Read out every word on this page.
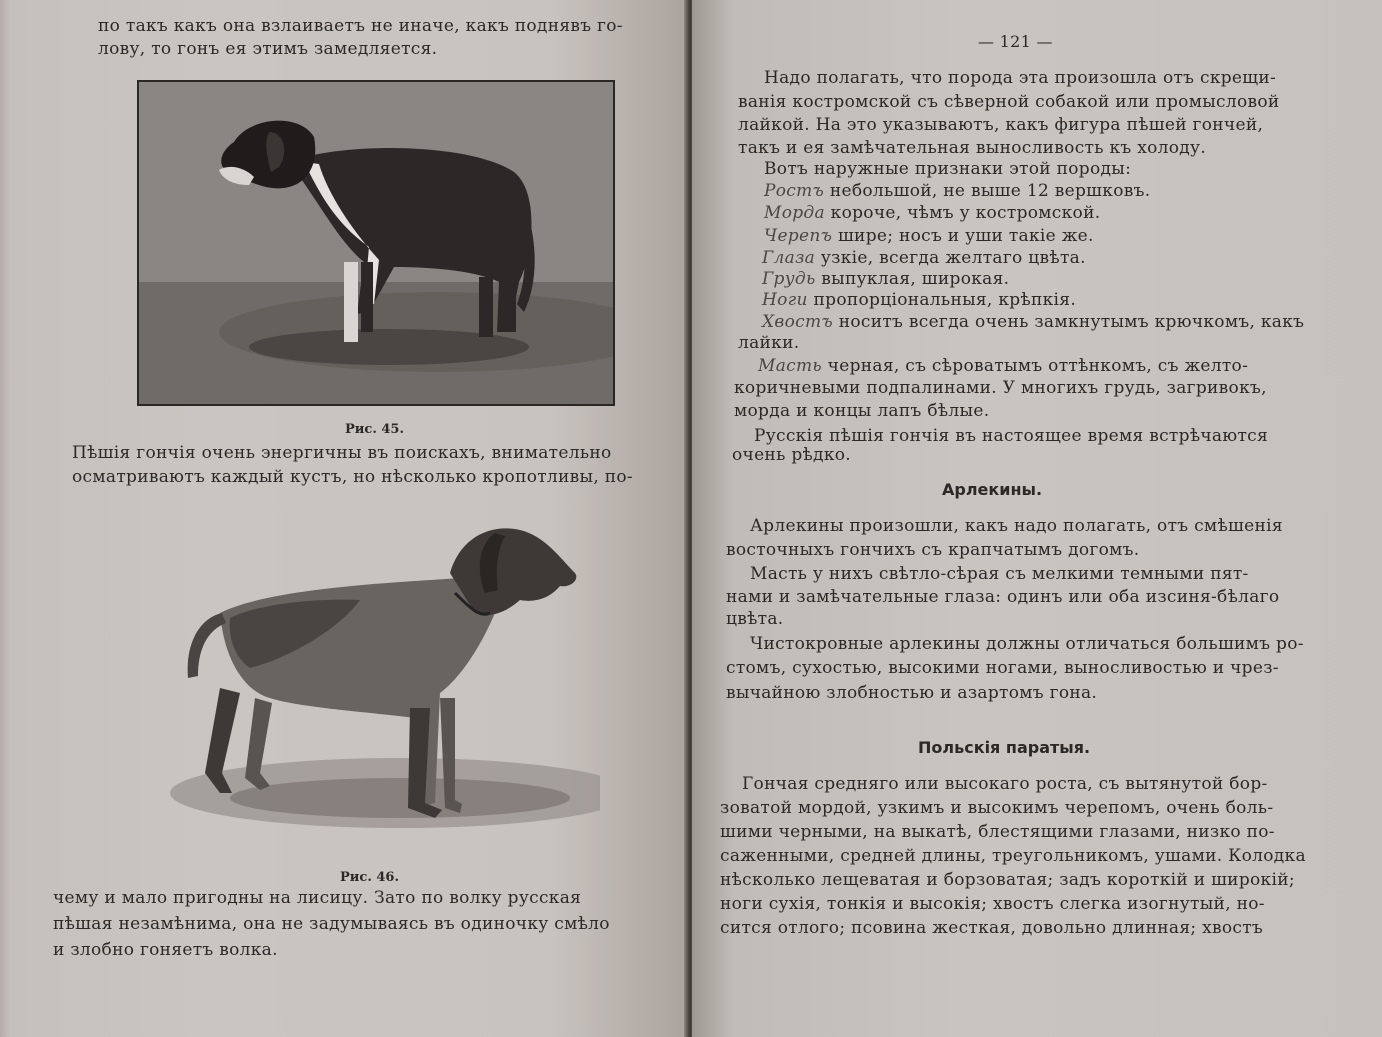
по такъ какъ она взлаиваетъ не иначе, какъ поднявъ го-
лову, то гонъ ея этимъ замедляется.
Рис. 45.
Пѣшія гончія очень энергичны въ поискахъ, внимательно
осматриваютъ каждый кустъ, но нѣсколько кропотливы, по-
Рис. 46.
чему и мало пригодны на лисицу. Зато по волку русская
пѣшая незамѣнима, она не задумываясь въ одиночку смѣло
и злобно гоняетъ волка.
— 121 —
Надо полагать, что порода эта произошла отъ скрещи-
ванія костромской съ сѣверной собакой или промысловой
лайкой. На это указываютъ, какъ фигура пѣшей гончей,
такъ и ея замѣчательная выносливость къ холоду.
Вотъ наружные признаки этой породы:
Ростъ небольшой, не выше 12 вершковъ.
Морда короче, чѣмъ у костромской.
Черепъ шире; носъ и уши такіе же.
Глаза узкіе, всегда желтаго цвѣта.
Грудь выпуклая, широкая.
Ноги пропорціональныя, крѣпкія.
Хвостъ носитъ всегда очень замкнутымъ крючкомъ, какъ
лайки.
Масть черная, съ сѣроватымъ оттѣнкомъ, съ желто-
коричневыми подпалинами. У многихъ грудь, загривокъ,
морда и концы лапъ бѣлые.
Русскія пѣшія гончія въ настоящее время встрѣчаются
очень рѣдко.
Арлекины.
Арлекины произошли, какъ надо полагать, отъ смѣшенія
восточныхъ гончихъ съ крапчатымъ догомъ.
Масть у нихъ свѣтло-сѣрая съ мелкими темными пят-
нами и замѣчательные глаза: одинъ или оба изсиня-бѣлаго
цвѣта.
Чистокровные арлекины должны отличаться большимъ ро-
стомъ, сухостью, высокими ногами, выносливостью и чрез-
вычайною злобностью и азартомъ гона.
Польскія паратыя.
Гончая средняго или высокаго роста, съ вытянутой бор-
зоватой мордой, узкимъ и высокимъ черепомъ, очень боль-
шими черными, на выкатѣ, блестящими глазами, низко по-
саженными, средней длины, треугольникомъ, ушами. Колодка
нѣсколько лещеватая и борзоватая; задъ короткій и широкій;
ноги сухія, тонкія и высокія; хвостъ слегка изогнутый, но-
сится отлого; псовина жесткая, довольно длинная; хвостъ
